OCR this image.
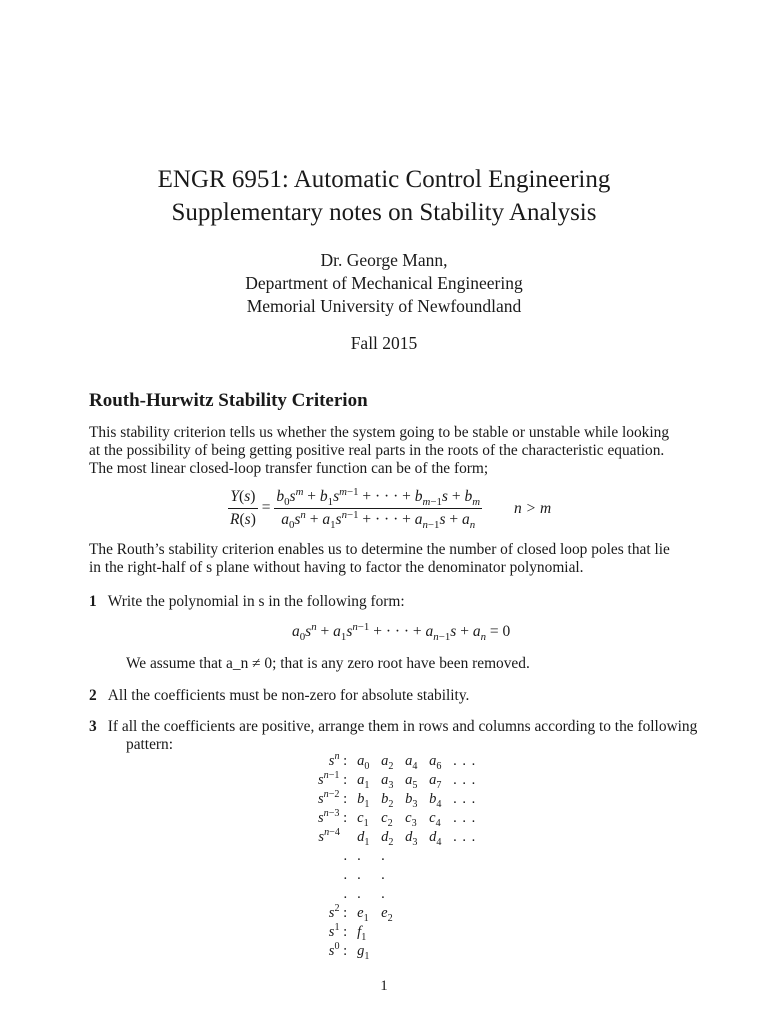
ENGR 6951: Automatic Control Engineering
Supplementary notes on Stability Analysis
Dr. George Mann,
Department of Mechanical Engineering
Memorial University of Newfoundland
Fall 2015
Routh-Hurwitz Stability Criterion
This stability criterion tells us whether the system going to be stable or unstable while looking
at the possibility of being getting positive real parts in the roots of the characteristic equation.
The most linear closed-loop transfer function can be of the form;
$\frac{Y(s)}{R(s)} = \frac{b_0s^m + b_1s^{m-1} + \cdot \cdot \cdot + b_{m-1}s + b_m}{a_0s^n + a_1s^{n-1} + \cdot \cdot \cdot + a_{n-1}s + a_n}$ n > m
The Routh’s stability criterion enables us to determine the number of closed loop poles that lie
in the right-half of s plane without having to factor the denominator polynomial.
1 Write the polynomial in s in the following form:
$a_0s^n + a_1s^{n-1}$ + · · · + $a_{n-1}s + a_n = 0$
We assume that a_n ≠ 0; that is any zero root have been removed.
2 All the coefficients must be non-zero for absolute stability.
3 If all the coefficients are positive, arrange them in rows and columns according to the following
pattern:
$s^n$ :	$a_0$	$a_2$	$a_4$	$a_6$	. . .
$s^{n-1}$ :	$a_1$	$a_3$	$a_5$	$a_7$	. . .
$s^{n-2}$ :	$b_1$	$b_2$	$b_3$	$b_4$	. . .
$s^{n-3}$ :	$c_1$	$c_2$	$c_3$	$c_4$	. . .
$s^{n-4}$	$d_1$	$d_2$	$d_3$	$d_4$	. . .
.	.	.			
.	.	.			
.	.	.			
$s^2$ :	$e_1$	$e_2$			
$s^1$ :	$f_1$				
$s^0$ :	$g_1$				
1
